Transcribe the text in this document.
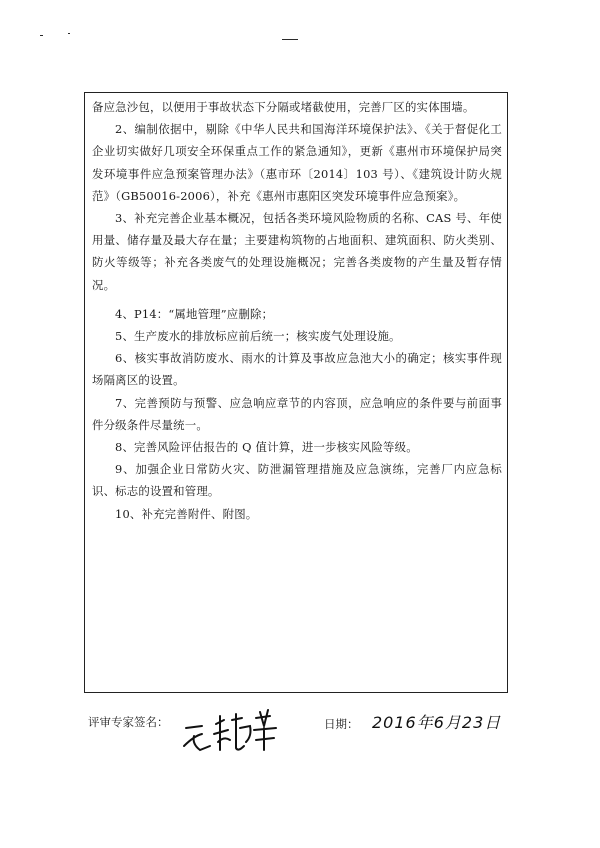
备应急沙包，以便用于事故状态下分隔或堵截使用，完善厂区的实体围墙。

2、编制依据中，剔除《中华人民共和国海洋环境保护法》、《关于督促化工企业切实做好几项安全环保重点工作的紧急通知》，更新《惠州市环境保护局突发环境事件应急预案管理办法》（惠市环〔2014〕103 号）、《建筑设计防火规范》（GB50016-2006），补充《惠州市惠阳区突发环境事件应急预案》。

3、补充完善企业基本概况，包括各类环境风险物质的名称、CAS 号、年使用量、储存量及最大存在量；主要建构筑物的占地面积、建筑面积、防火类别、防火等级等；补充各类废气的处理设施概况；完善各类废物的产生量及暂存情况。

4、P14：“属地管理”应删除；

5、生产废水的排放标应前后统一；核实废气处理设施。

6、核实事故消防废水、雨水的计算及事故应急池大小的确定；核实事件现场隔离区的设置。

7、完善预防与预警、应急响应章节的内容顶，应急响应的条件要与前面事件分级条件尽量统一。

8、完善风险评估报告的 Q 值计算，进一步核实风险等级。

9、加强企业日常防火灾、防泄漏管理措施及应急演练，完善厂内应急标识、标志的设置和管理。

10、补充完善附件、附图。

评审专家签名：	日期： 2016年6月23日
